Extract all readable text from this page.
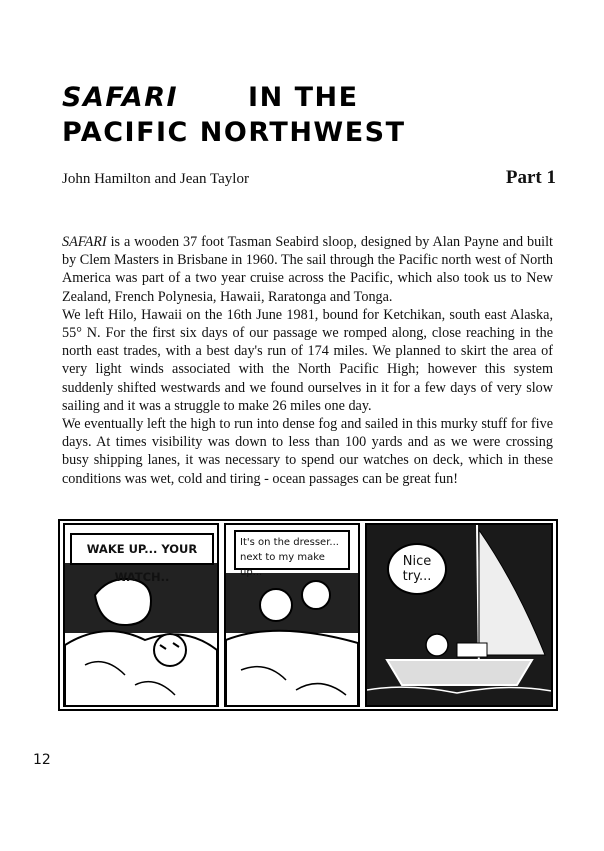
SAFARI	IN THE
PACIFIC NORTHWEST
John Hamilton and Jean Taylor	Part 1

SAFARI is a wooden 37 foot Tasman Seabird sloop, designed by Alan Payne and built by Clem Masters in Brisbane in 1960. The sail through the Pacific north west of North America was part of a two year cruise across the Pacific, which also took us to New Zealand, French Polynesia, Hawaii, Raratonga and Tonga.

We left Hilo, Hawaii on the 16th June 1981, bound for Ketchikan, south east Alaska, 55° N. For the first six days of our passage we romped along, close reaching in the north east trades, with a best day's run of 174 miles. We planned to skirt the area of very light winds associated with the North Pacific High; however this system suddenly shifted westwards and we found ourselves in it for a few days of very slow sailing and it was a struggle to make 26 miles one day.

We eventually left the high to run into dense fog and sailed in this murky stuff for five days. At times visibility was down to less than 100 yards and as we were crossing busy shipping lanes, it was necessary to spend our watches on deck, which in these conditions was wet, cold and tiring - ocean passages can be great fun!

WAKE UP... YOUR WATCH..
It's on the dresser... next to my make up...
Nice try...
12
